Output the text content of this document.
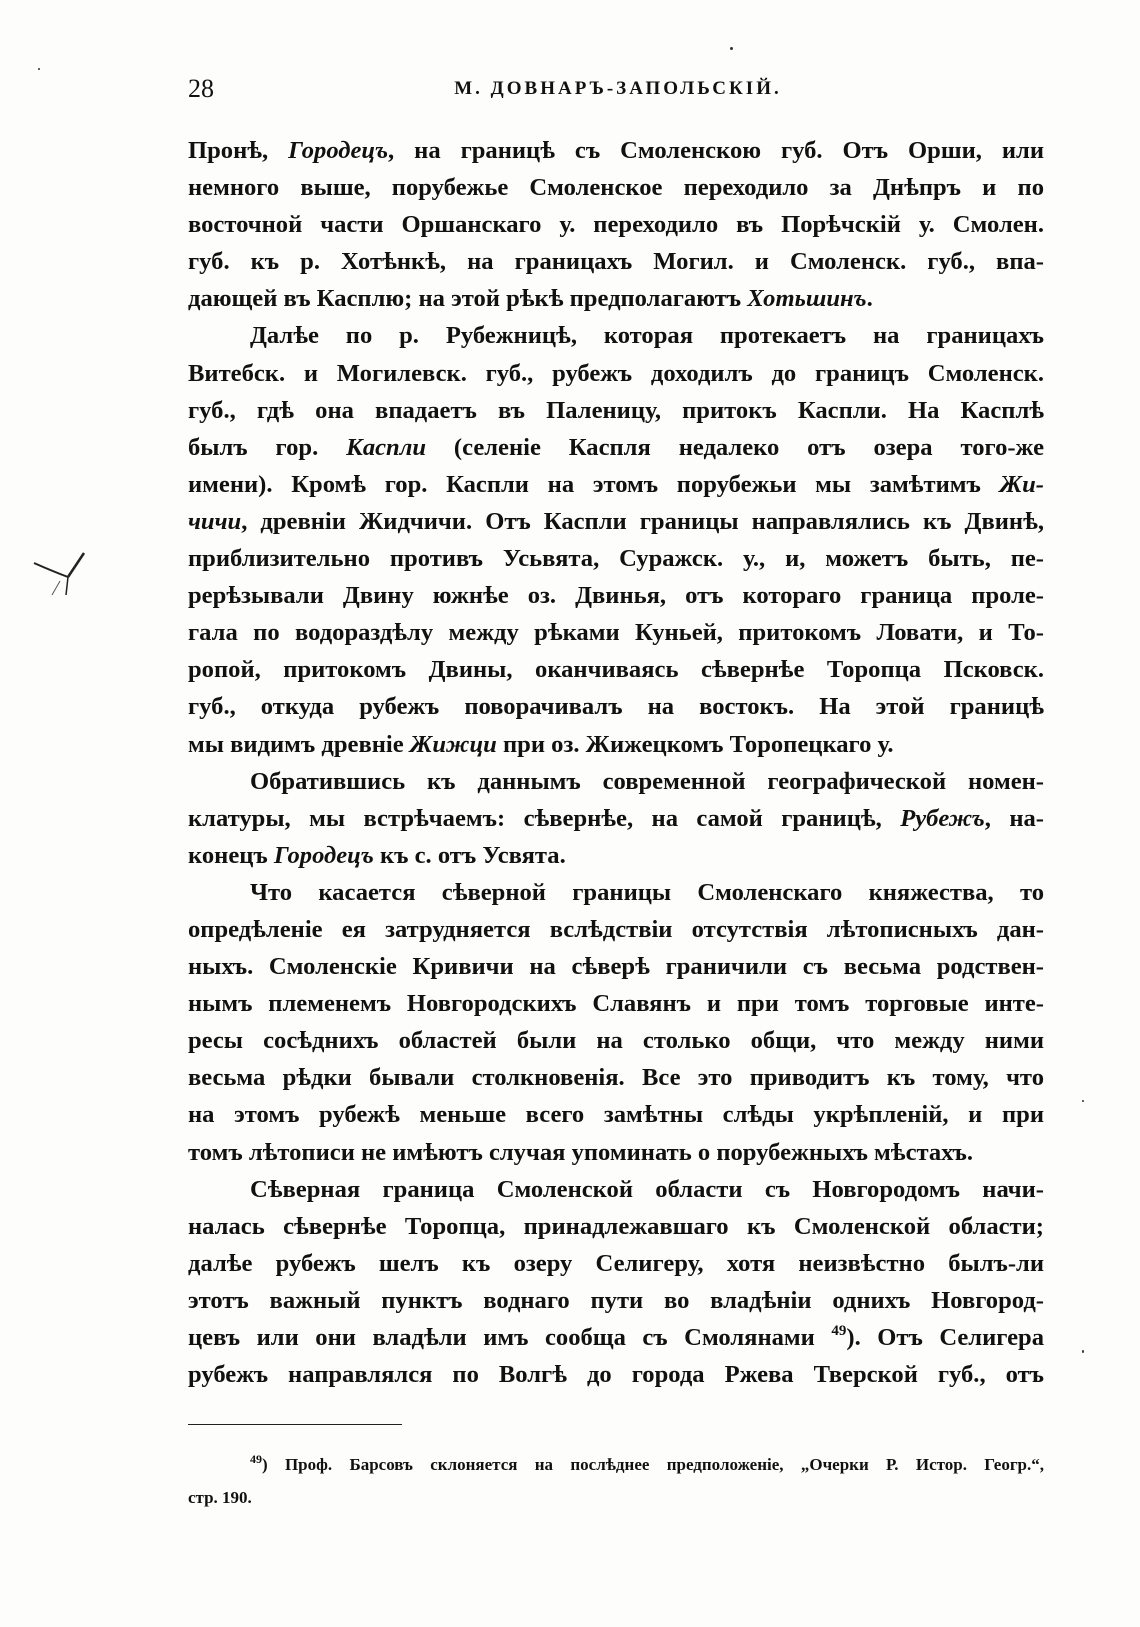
28	М. ДОВНАРЪ-ЗАПОЛЬСКІЙ.
Пронѣ, Городецъ, на границѣ съ Смоленскою губ. Отъ Орши, или
немного выше, порубежье Смоленское переходило за Днѣпръ и по
восточной части Оршанскаго у. переходило въ Порѣчскій у. Смолен.
губ. къ р. Хотѣнкѣ, на границахъ Могил. и Смоленск. губ., впа-
дающей въ Касплю; на этой рѣкѣ предполагаютъ Хотьшинъ.
Далѣе по р. Рубежницѣ, которая протекаетъ на границахъ
Витебск. и Могилевск. губ., рубежъ доходилъ до границъ Смоленск.
губ., гдѣ она впадаетъ въ Паленицу, притокъ Каспли. На Касплѣ
былъ гор. Каспли (селеніе Каспля недалеко отъ озера того-же
имени). Кромѣ гор. Каспли на этомъ порубежьи мы замѣтимъ Жи-
чичи, древніи Жидчичи. Отъ Каспли границы направлялись къ Двинѣ,
приблизительно противъ Усьвята, Суражск. у., и, можетъ быть, пе-
рерѣзывали Двину южнѣе оз. Двинья, отъ котораго граница проле-
гала по водораздѣлу между рѣками Куньей, притокомъ Ловати, и То-
ропой, притокомъ Двины, оканчиваясь сѣвернѣе Торопца Псковск.
губ., откуда рубежъ поворачивалъ на востокъ. На этой границѣ
мы видимъ древніе Жижци при оз. Жижецкомъ Торопецкаго у.
Обратившись къ даннымъ современной географической номен-
клатуры, мы встрѣчаемъ: сѣвернѣе, на самой границѣ, Рубежъ, на-
конецъ Городецъ къ с. отъ Усвята.
Что касается сѣверной границы Смоленскаго княжества, то
опредѣленіе ея затрудняется вслѣдствіи отсутствія лѣтописныхъ дан-
ныхъ. Смоленскіе Кривичи на сѣверѣ граничили съ весьма родствен-
нымъ племенемъ Новгородскихъ Славянъ и при томъ торговые инте-
ресы сосѣднихъ областей были на столько общи, что между ними
весьма рѣдки бывали столкновенія. Все это приводитъ къ тому, что
на этомъ рубежѣ меньше всего замѣтны слѣды укрѣпленій, и при
томъ лѣтописи не имѣютъ случая упоминать о порубежныхъ мѣстахъ.
Сѣверная граница Смоленской области съ Новгородомъ начи-
налась сѣвернѣе Торопца, принадлежавшаго къ Смоленской области;
далѣе рубежъ шелъ къ озеру Селигеру, хотя неизвѣстно былъ-ли
этотъ важный пунктъ воднаго пути во владѣніи однихъ Новгород-
цевъ или они владѣли имъ сообща съ Смолянами $^{49}$). Отъ Селигера
рубежъ направлялся по Волгѣ до города Ржева Тверской губ., отъ
$^{49}$) Проф. Барсовъ склоняется на послѣднее предположеніе, „Очерки Р. Истор. Геогр.“,
стр. 190.
